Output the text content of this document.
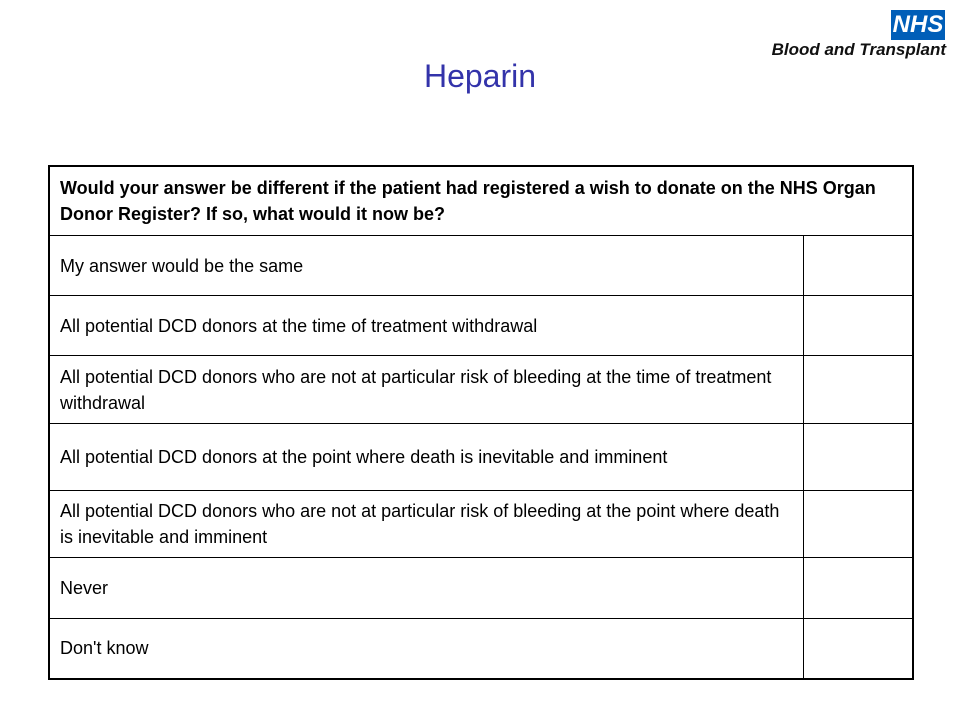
NHS
Blood and Transplant
Heparin
Would your answer be different if the patient had registered a wish to donate on the NHS Organ Donor Register? If so, what would it now be?	
My answer would be the same	
All potential DCD donors at the time of treatment withdrawal	
All potential DCD donors who are not at particular risk of bleeding at the time of treatment withdrawal	
All potential DCD donors at the point where death is inevitable and imminent	
All potential DCD donors who are not at particular risk of bleeding at the point where death is inevitable and imminent	
Never	
Don't know	
